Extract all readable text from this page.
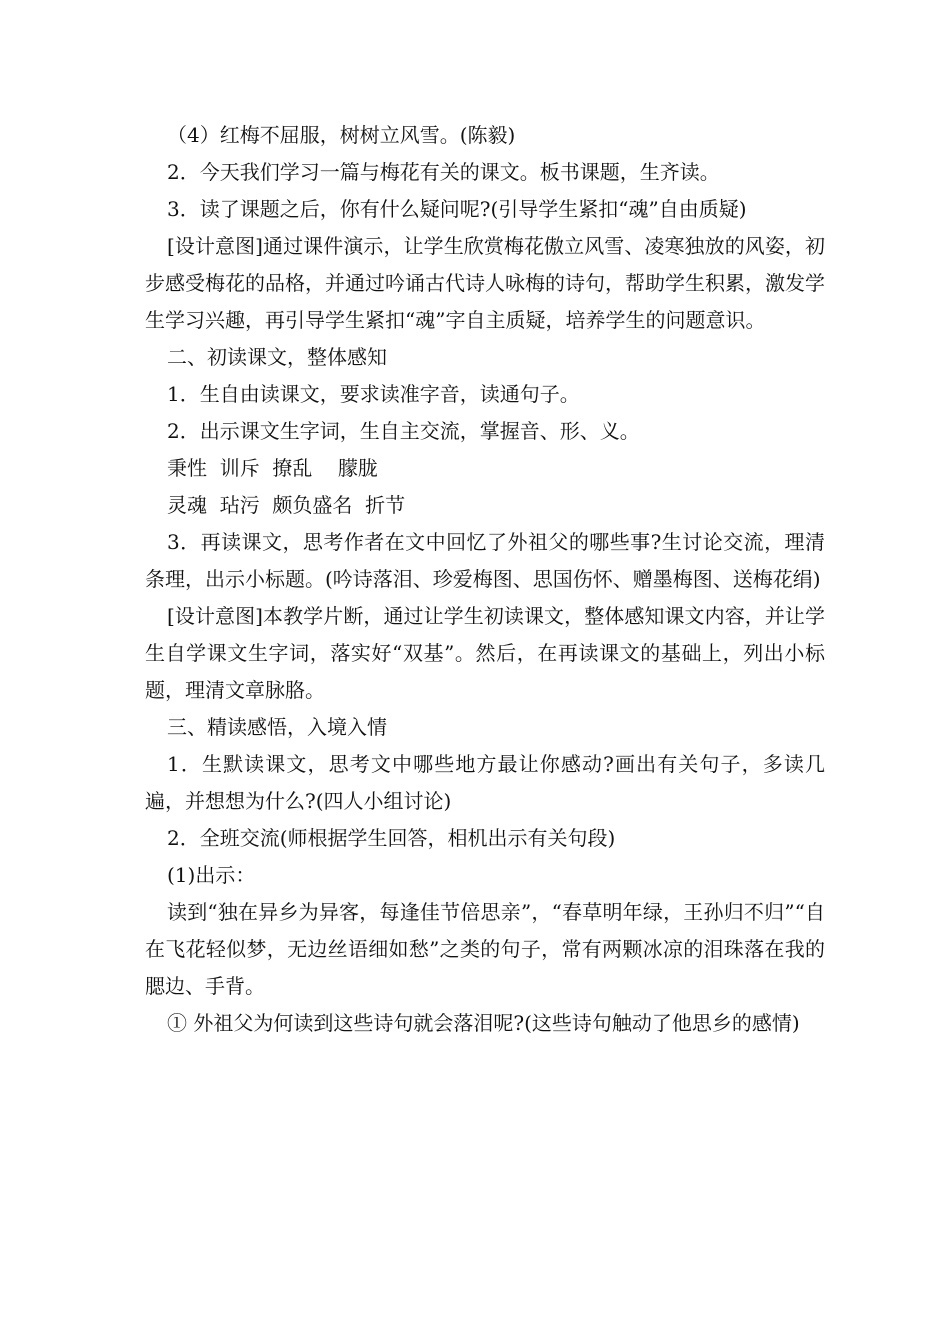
（4）红梅不屈服，树树立风雪。(陈毅)

2．今天我们学习一篇与梅花有关的课文。板书课题，生齐读。

3．读了课题之后，你有什么疑问呢?(引导学生紧扣“魂”自由质疑)

[设计意图]通过课件演示，让学生欣赏梅花傲立风雪、凌寒独放的风姿，初步感受梅花的品格，并通过吟诵古代诗人咏梅的诗句，帮助学生积累，激发学生学习兴趣，再引导学生紧扣“魂”字自主质疑，培养学生的问题意识。

二、初读课文，整体感知

1．生自由读课文，要求读准字音，读通句子。

2．出示课文生字词，生自主交流，掌握音、形、义。

秉性  训斥  撩乱    朦胧

灵魂  玷污  颇负盛名  折节

3．再读课文，思考作者在文中回忆了外祖父的哪些事?生讨论交流，理清条理，出示小标题。(吟诗落泪、珍爱梅图、思国伤怀、赠墨梅图、送梅花绢)

[设计意图]本教学片断，通过让学生初读课文，整体感知课文内容，并让学生自学课文生字词，落实好“双基”。然后，在再读课文的基础上，列出小标题，理清文章脉胳。

三、精读感悟，入境入情

1．生默读课文，思考文中哪些地方最让你感动?画出有关句子，多读几遍，并想想为什么?(四人小组讨论)

2．全班交流(师根据学生回答，相机出示有关句段)

(1)出示：

读到“独在异乡为异客，每逢佳节倍思亲”，“春草明年绿，王孙归不归”“自在飞花轻似梦，无边丝语细如愁”之类的句子，常有两颗冰凉的泪珠落在我的腮边、手背。

① 外祖父为何读到这些诗句就会落泪呢?(这些诗句触动了他思乡的感情)
